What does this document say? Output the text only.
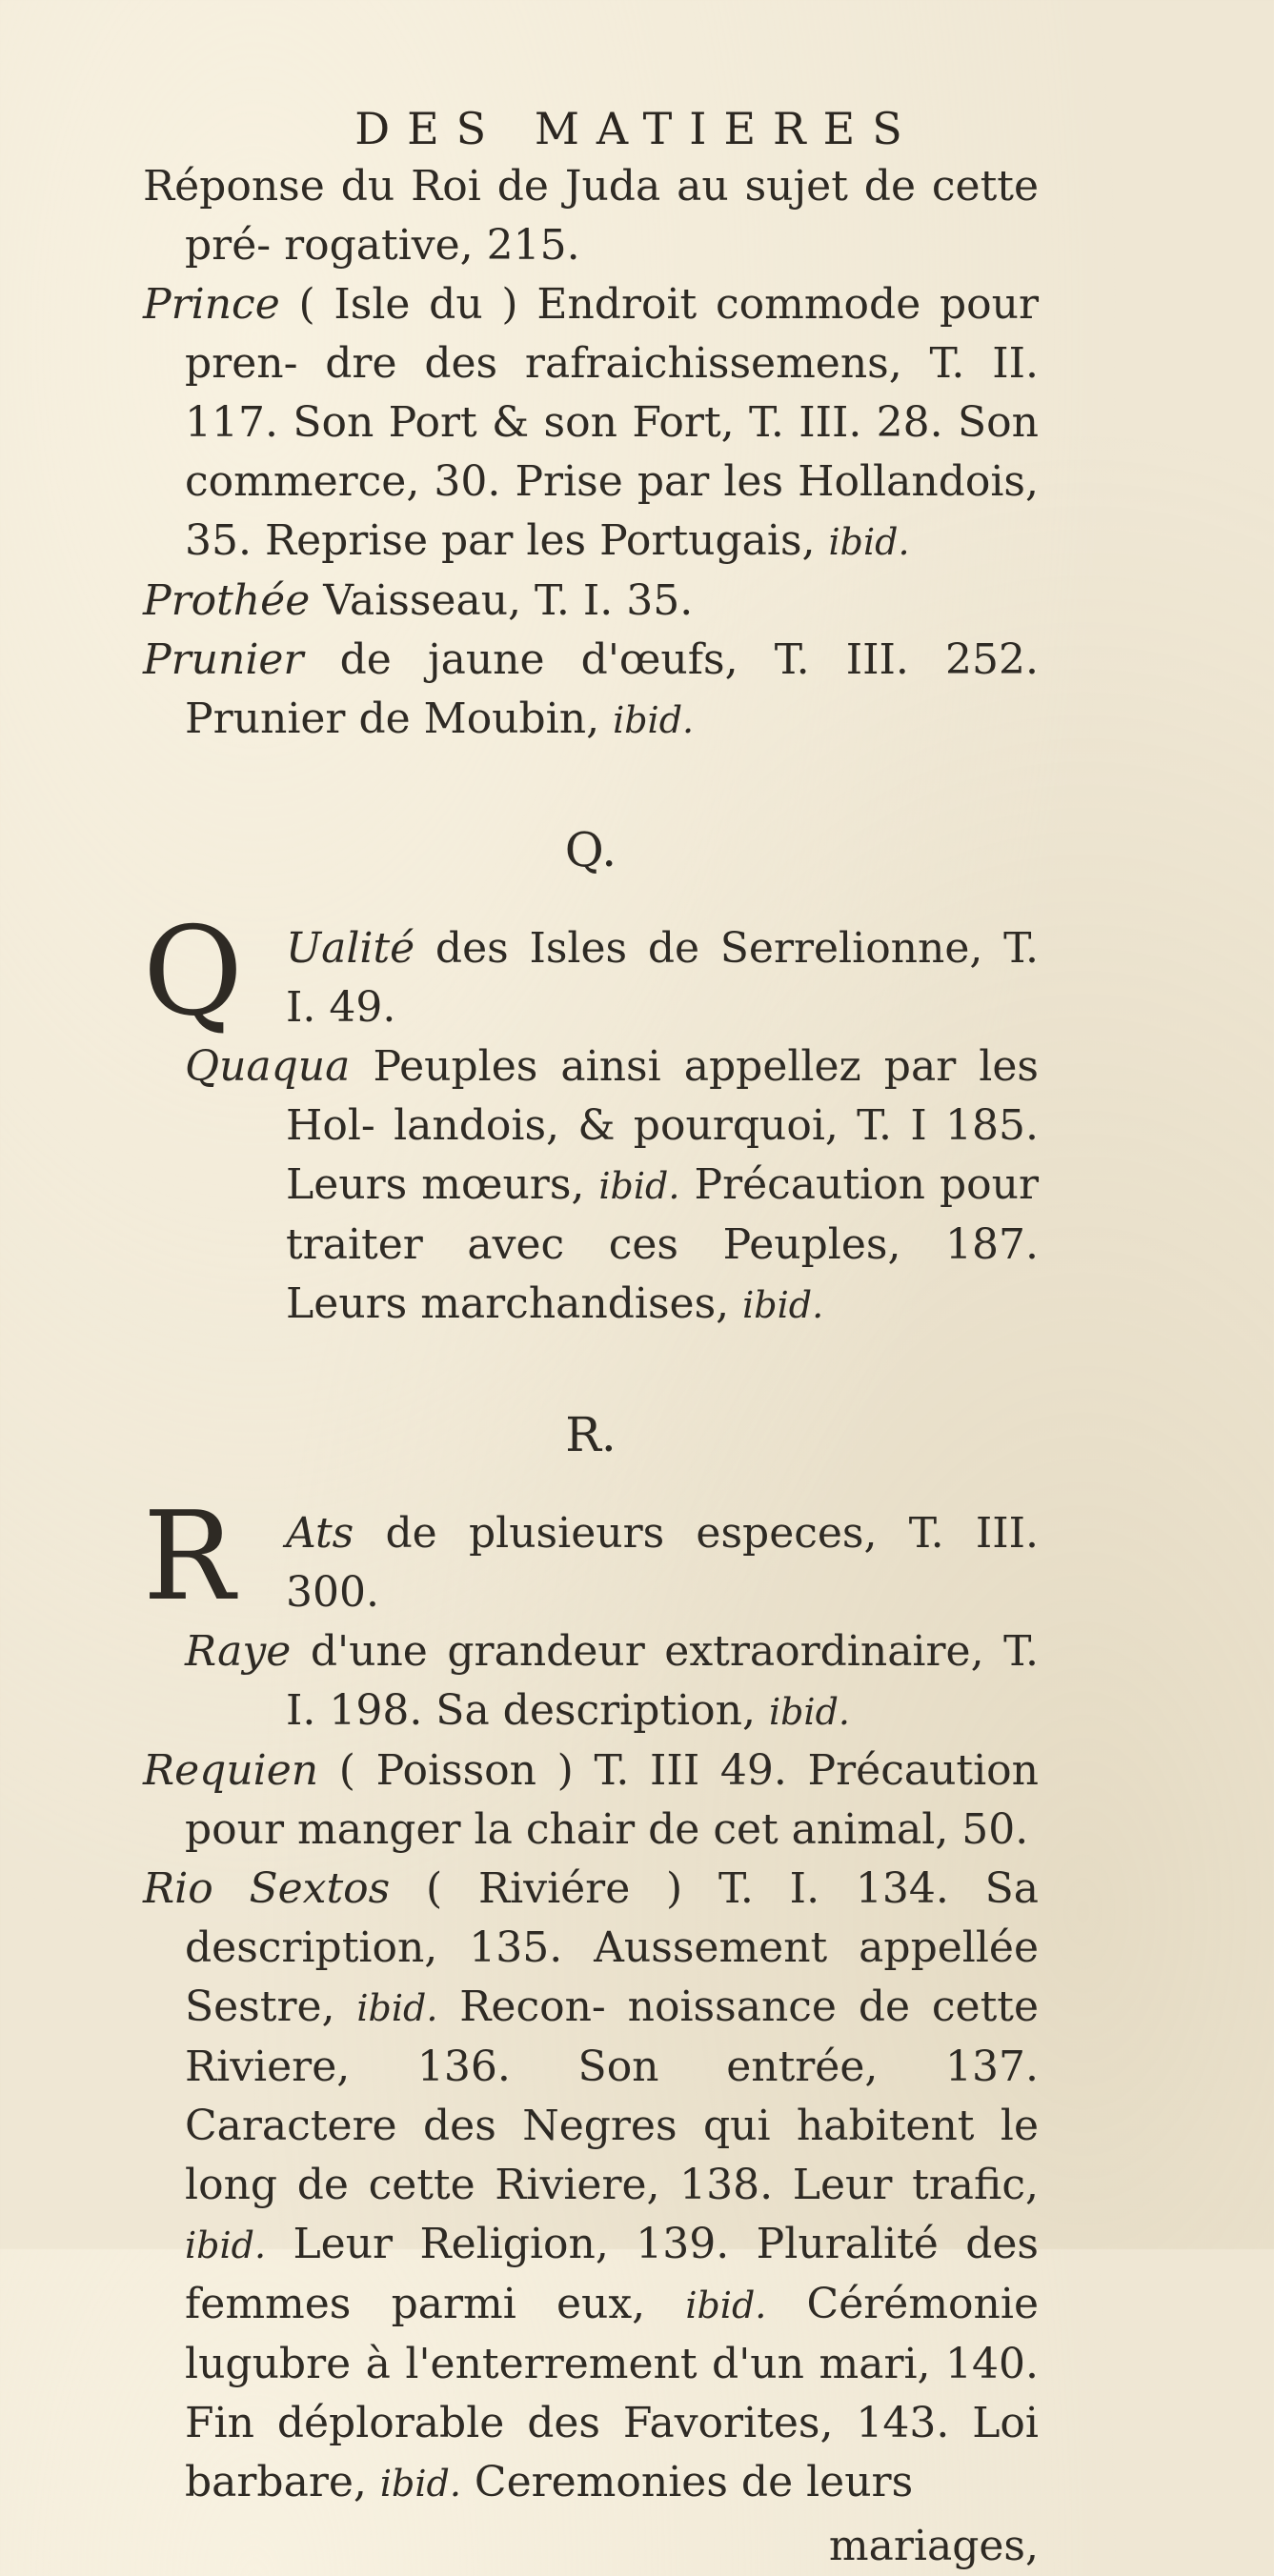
DES MATIERES

Réponse du Roi de Juda au sujet de cette pré- rogative, 215.

Prince ( Isle du ) Endroit commode pour pren- dre des rafraichissemens, T. II. 117. Son Port & son Fort, T. III. 28. Son commerce, 30. Prise par les Hollandois, 35. Reprise par les Portugais, ibid.

Prothée Vaisseau, T. I. 35.

Prunier de jaune d'œufs, T. III. 252. Prunier de Moubin, ibid.

Q.

Q Ualité des Isles de Serrelionne, T. I. 49.

Quaqua Peuples ainsi appellez par les Hol- landois, & pourquoi, T. I 185. Leurs mœurs, ibid. Précaution pour traiter avec ces Peuples, 187. Leurs marchandises, ibid.

R.

R Ats de plusieurs especes, T. III. 300.

Raye d'une grandeur extraordinaire, T. I. 198. Sa description, ibid.

Requien ( Poisson ) T. III 49. Précaution pour manger la chair de cet animal, 50.

Rio Sextos ( Riviére ) T. I. 134. Sa description, 135. Aussement appellée Sestre, ibid. Recon- noissance de cette Riviere, 136. Son entrée, 137. Caractere des Negres qui habitent le long de cette Riviere, 138. Leur trafic, ibid. Leur Religion, 139. Pluralité des femmes parmi eux, ibid. Cérémonie lugubre à l'enterrement d'un mari, 140. Fin déplorable des Favorites, 143. Loi barbare, ibid. Ceremonies de leurs

mariages,
